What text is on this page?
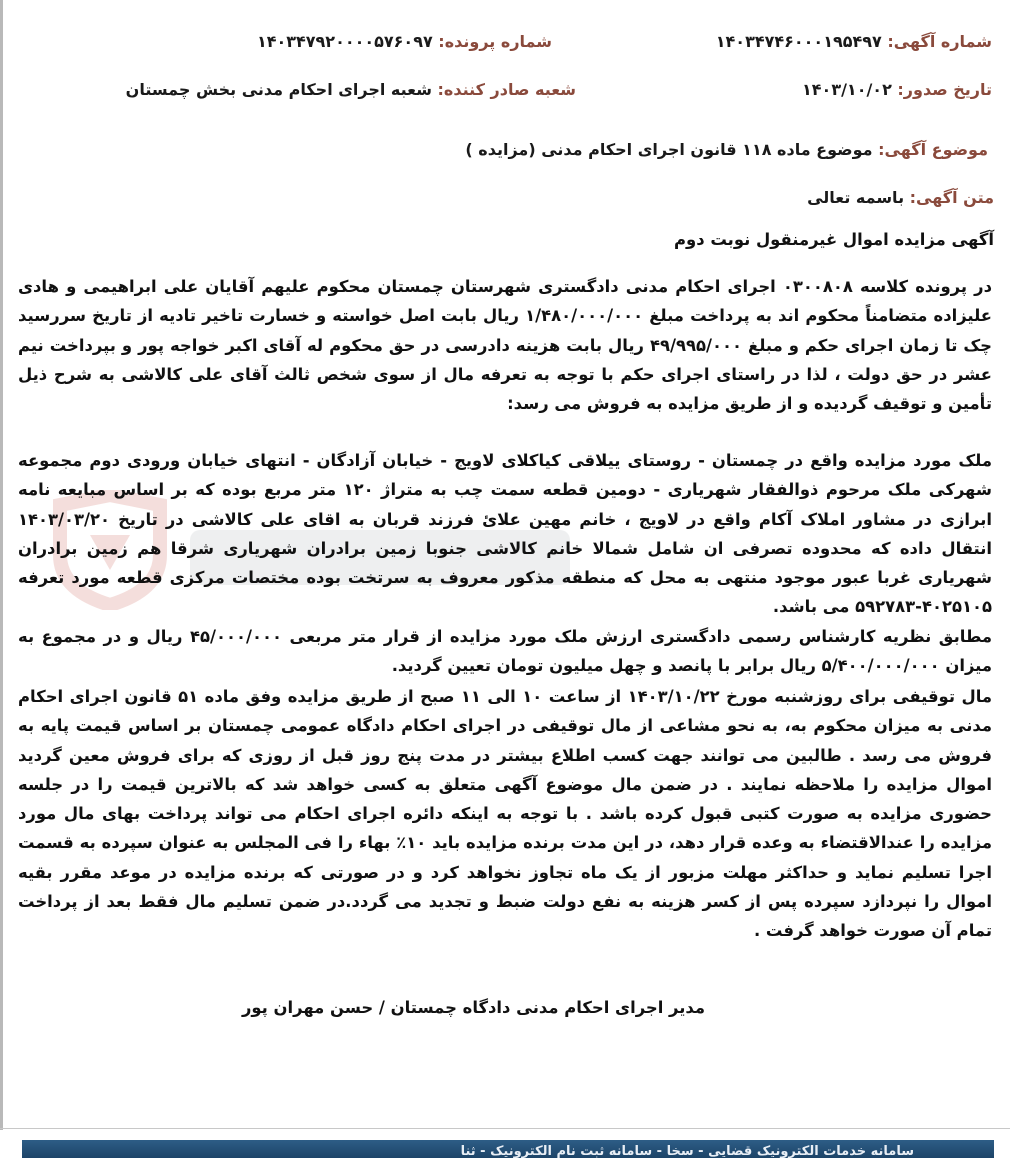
شماره آگهی: ۱۴۰۳۴۷۴۶۰۰۰۱۹۵۴۹۷
شماره پرونده: ۱۴۰۳۴۷۹۲۰۰۰۰۵۷۶۰۹۷
تاریخ صدور: ۱۴۰۳/۱۰/۰۲
شعبه صادر کننده: شعبه اجرای احکام مدنی بخش چمستان
موضوع آگهی: موضوع ماده ۱۱۸ قانون اجرای احکام مدنی (مزایده )
متن آگهی: باسمه تعالی
آگهی مزایده اموال غیرمنقول نوبت دوم

در پرونده کلاسه ۰۳۰۰۸۰۸ اجرای احکام مدنی دادگستری شهرستان چمستان محکوم علیهم آقایان علی ابراهیمی و هادی علیزاده متضامناً محکوم اند به پرداخت مبلغ ۱/۴۸۰/۰۰۰/۰۰۰ ریال بابت اصل خواسته و خسارت تاخیر تادیه از تاریخ سررسید چک تا زمان اجرای حکم و مبلغ ۴۹/۹۹۵/۰۰۰ ریال بابت هزینه دادرسی در حق محکوم له آقای اکبر خواجه پور و بپرداخت نیم عشر در حق دولت ، لذا در راستای اجرای حکم با توجه به تعرفه مال از سوی شخص ثالث آقای علی کالاشی به شرح ذیل تأمین و توقیف گردیده و از طریق مزایده به فروش می رسد:

ملک مورد مزایده واقع در چمستان - روستای ییلاقی کیاکلای لاویج - خیابان آزادگان - انتهای خیابان ورودی دوم مجموعه شهرکی ملک مرحوم ذوالفقار شهریاری - دومین قطعه سمت چب به متراژ ۱۲۰ متر مربع بوده که بر اساس مبایعه نامه ابرازی در مشاور املاک آکام واقع در لاویج ، خانم مهین علائ فرزند قربان به اقای علی کالاشی در تاریخ ۱۴۰۳/۰۳/۲۰ انتقال داده که محدوده تصرفی ان شامل شمالا خانم کالاشی جنوبا زمین برادران شهریاری شرقا هم زمین برادران شهریاری غربا عبور موجود منتهی به محل که منطقه مذکور معروف به سرتخت بوده مختصات مرکزی قطعه مورد تعرفه ۴۰۲۵۱۰۵-۵۹۲۷۸۳ می باشد.

مطابق نظریه کارشناس رسمی دادگستری ارزش ملک مورد مزایده از قرار متر مربعی ۴۵/۰۰۰/۰۰۰ ریال و در مجموع به میزان ۵/۴۰۰/۰۰۰/۰۰۰ ریال برابر با پانصد و چهل میلیون تومان تعیین گردید.

مال توقیفی برای روزشنبه مورخ ۱۴۰۳/۱۰/۲۲ از ساعت ۱۰ الی ۱۱ صبح از طریق مزایده وفق ماده ۵۱ قانون اجرای احکام مدنی به میزان محکوم به، به نحو مشاعی از مال توقیفی در اجرای احکام دادگاه عمومی چمستان بر اساس قیمت پایه به فروش می رسد . طالبین می توانند جهت کسب اطلاع بیشتر در مدت پنج روز قبل از روزی که برای فروش معین گردید اموال مزایده را ملاحظه نمایند . در ضمن مال موضوع آگهی متعلق به کسی خواهد شد که بالاترین قیمت را در جلسه حضوری مزایده به صورت کتبی قبول کرده باشد . با توجه به اینکه دائره اجرای احکام می تواند پرداخت بهای مال مورد مزایده را عندالاقتضاء به وعده قرار دهد، در این مدت برنده مزایده باید ۱۰٪ بهاء را فی المجلس به عنوان سپرده به قسمت اجرا تسلیم نماید و حداکثر مهلت مزبور از یک ماه تجاوز نخواهد کرد و در صورتی که برنده مزایده در موعد مقرر بقیه اموال را نپردازد سپرده پس از کسر هزینه به نفع دولت ضبط و تجدید می گردد.در ضمن تسلیم مال فقط بعد از پرداخت تمام آن صورت خواهد گرفت .

مدیر اجرای احکام مدنی دادگاه چمستان / حسن مهران پور
سامانه خدمات الکترونیک قضایی - سخا - سامانه ثبت نام الکترونیک - ثنا
